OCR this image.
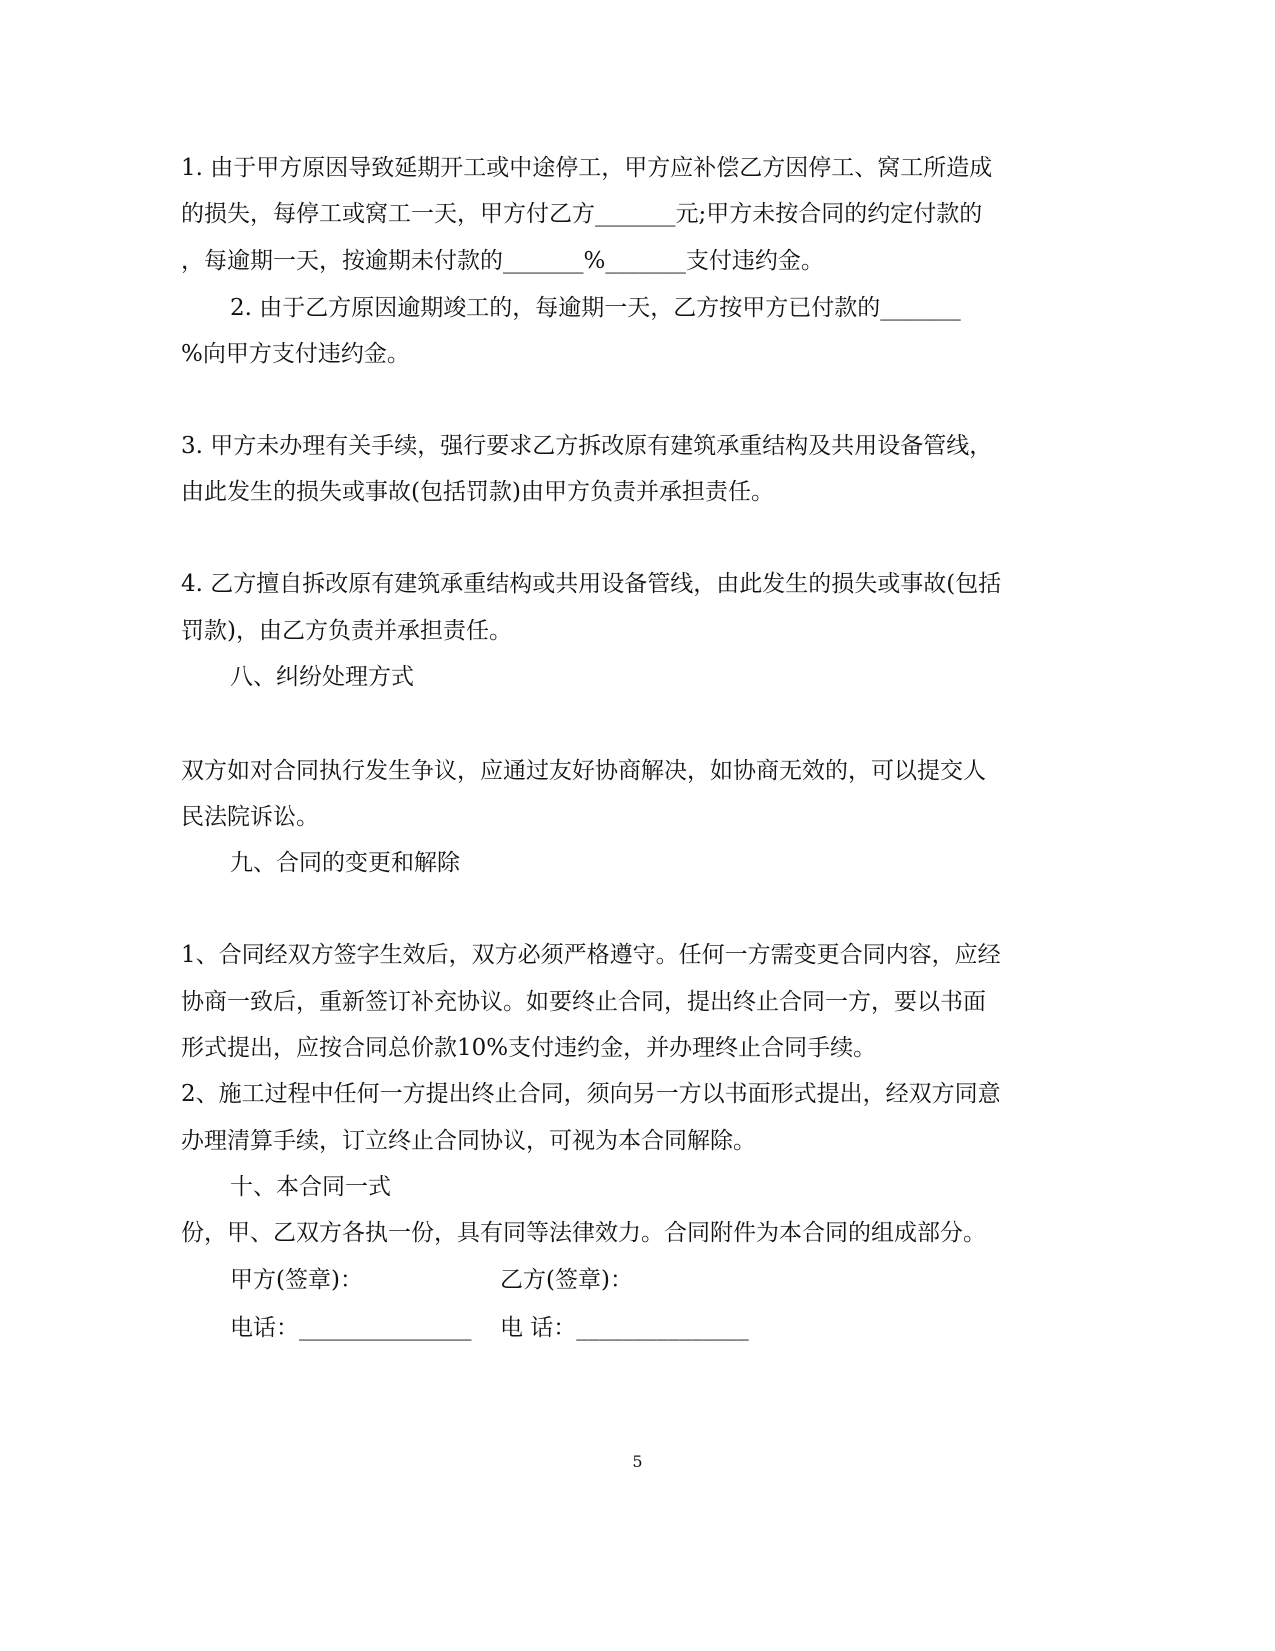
1. 由于甲方原因导致延期开工或中途停工，甲方应补偿乙方因停工、窝工所造成
的损失，每停工或窝工一天，甲方付乙方_______元;甲方未按合同的约定付款的
，每逾期一天，按逾期未付款的_______%_______支付违约金。
2. 由于乙方原因逾期竣工的，每逾期一天，乙方按甲方已付款的_______
%向甲方支付违约金。
3. 甲方未办理有关手续，强行要求乙方拆改原有建筑承重结构及共用设备管线，
由此发生的损失或事故(包括罚款)由甲方负责并承担责任。
4. 乙方擅自拆改原有建筑承重结构或共用设备管线，由此发生的损失或事故(包括
罚款)，由乙方负责并承担责任。
八、纠纷处理方式
双方如对合同执行发生争议，应通过友好协商解决，如协商无效的，可以提交人
民法院诉讼。
九、合同的变更和解除
1、合同经双方签字生效后，双方必须严格遵守。任何一方需变更合同内容，应经
协商一致后，重新签订补充协议。如要终止合同，提出终止合同一方，要以书面
形式提出，应按合同总价款10%支付违约金，并办理终止合同手续。
2、施工过程中任何一方提出终止合同，须向另一方以书面形式提出，经双方同意
办理清算手续，订立终止合同协议，可视为本合同解除。
十、本合同一式
份，甲、乙双方各执一份，具有同等法律效力。合同附件为本合同的组成部分。
甲方(签章)：	乙方(签章)：
电话：_______________ 电 话：_______________
5
